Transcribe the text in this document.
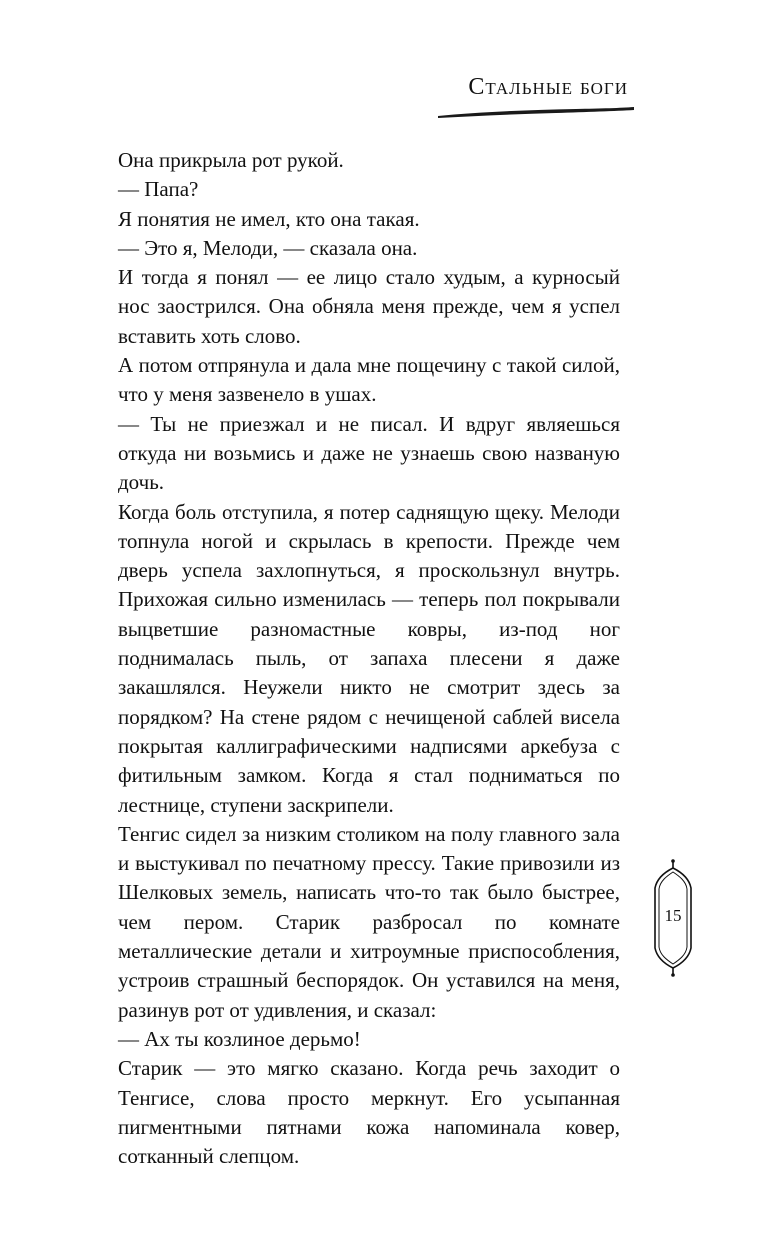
Стальные боги

Она прикрыла рот рукой.

— Папа?

Я понятия не имел, кто она такая.

— Это я, Мелоди, — сказала она.

И тогда я понял — ее лицо стало худым, а курносый нос заострился. Она обняла меня прежде, чем я успел вставить хоть слово.

А потом отпрянула и дала мне пощечину с такой силой, что у меня зазвенело в ушах.

— Ты не приезжал и не писал. И вдруг являешься откуда ни возьмись и даже не узнаешь свою названую дочь.

Когда боль отступила, я потер саднящую щеку. Мелоди топнула ногой и скрылась в крепости. Прежде чем дверь успела захлопнуться, я проскользнул внутрь. Прихожая сильно изменилась — теперь пол покрывали выцветшие разномастные ковры, из-под ног поднималась пыль, от запаха плесени я даже закашлялся. Неужели никто не смотрит здесь за порядком? На стене рядом с нечищеной саблей висела покрытая каллиграфическими надписями аркебуза с фитильным замком. Когда я стал подниматься по лестнице, ступени заскрипели.

Тенгис сидел за низким столиком на полу главного зала и выстукивал по печатному прессу. Такие привозили из Шелковых земель, написать что-то так было быстрее, чем пером. Старик разбросал по комнате металлические детали и хитроумные приспособления, устроив страшный беспорядок. Он уставился на меня, разинув рот от удивления, и сказал:

— Ах ты козлиное дерьмо!

Старик — это мягко сказано. Когда речь заходит о Тенгисе, слова просто меркнут. Его усыпанная пигментными пятнами кожа напоминала ковер, сотканный слепцом.

15
